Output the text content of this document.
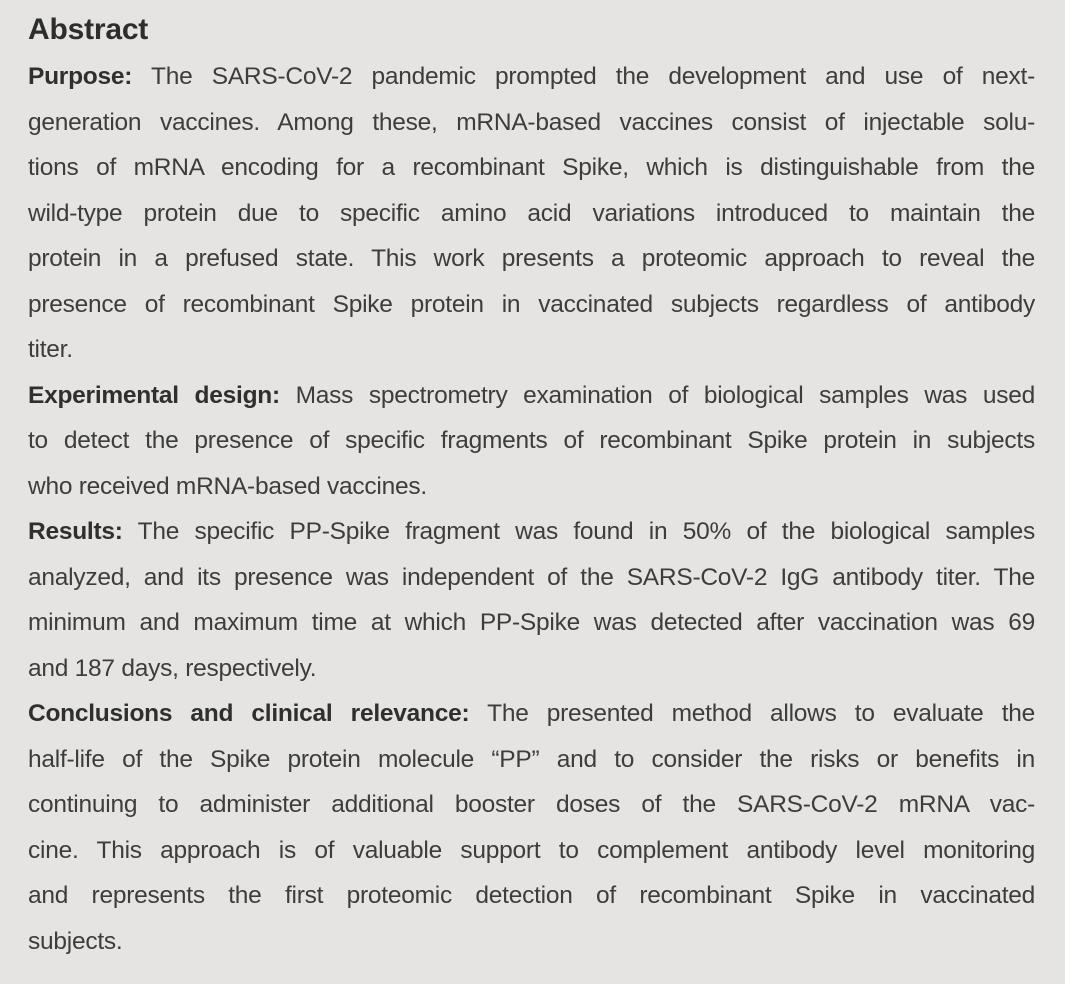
Abstract
Purpose: The SARS-CoV-2 pandemic prompted the development and use of next-
generation vaccines. Among these, mRNA-based vaccines consist of injectable solu-
tions of mRNA encoding for a recombinant Spike, which is distinguishable from the
wild-type protein due to specific amino acid variations introduced to maintain the
protein in a prefused state. This work presents a proteomic approach to reveal the
presence of recombinant Spike protein in vaccinated subjects regardless of antibody
titer.
Experimental design: Mass spectrometry examination of biological samples was used
to detect the presence of specific fragments of recombinant Spike protein in subjects
who received mRNA-based vaccines.
Results: The specific PP-Spike fragment was found in 50% of the biological samples
analyzed, and its presence was independent of the SARS-CoV-2 IgG antibody titer. The
minimum and maximum time at which PP-Spike was detected after vaccination was 69
and 187 days, respectively.
Conclusions and clinical relevance: The presented method allows to evaluate the
half-life of the Spike protein molecule “PP” and to consider the risks or benefits in
continuing to administer additional booster doses of the SARS-CoV-2 mRNA vac-
cine. This approach is of valuable support to complement antibody level monitoring
and represents the first proteomic detection of recombinant Spike in vaccinated
subjects.
